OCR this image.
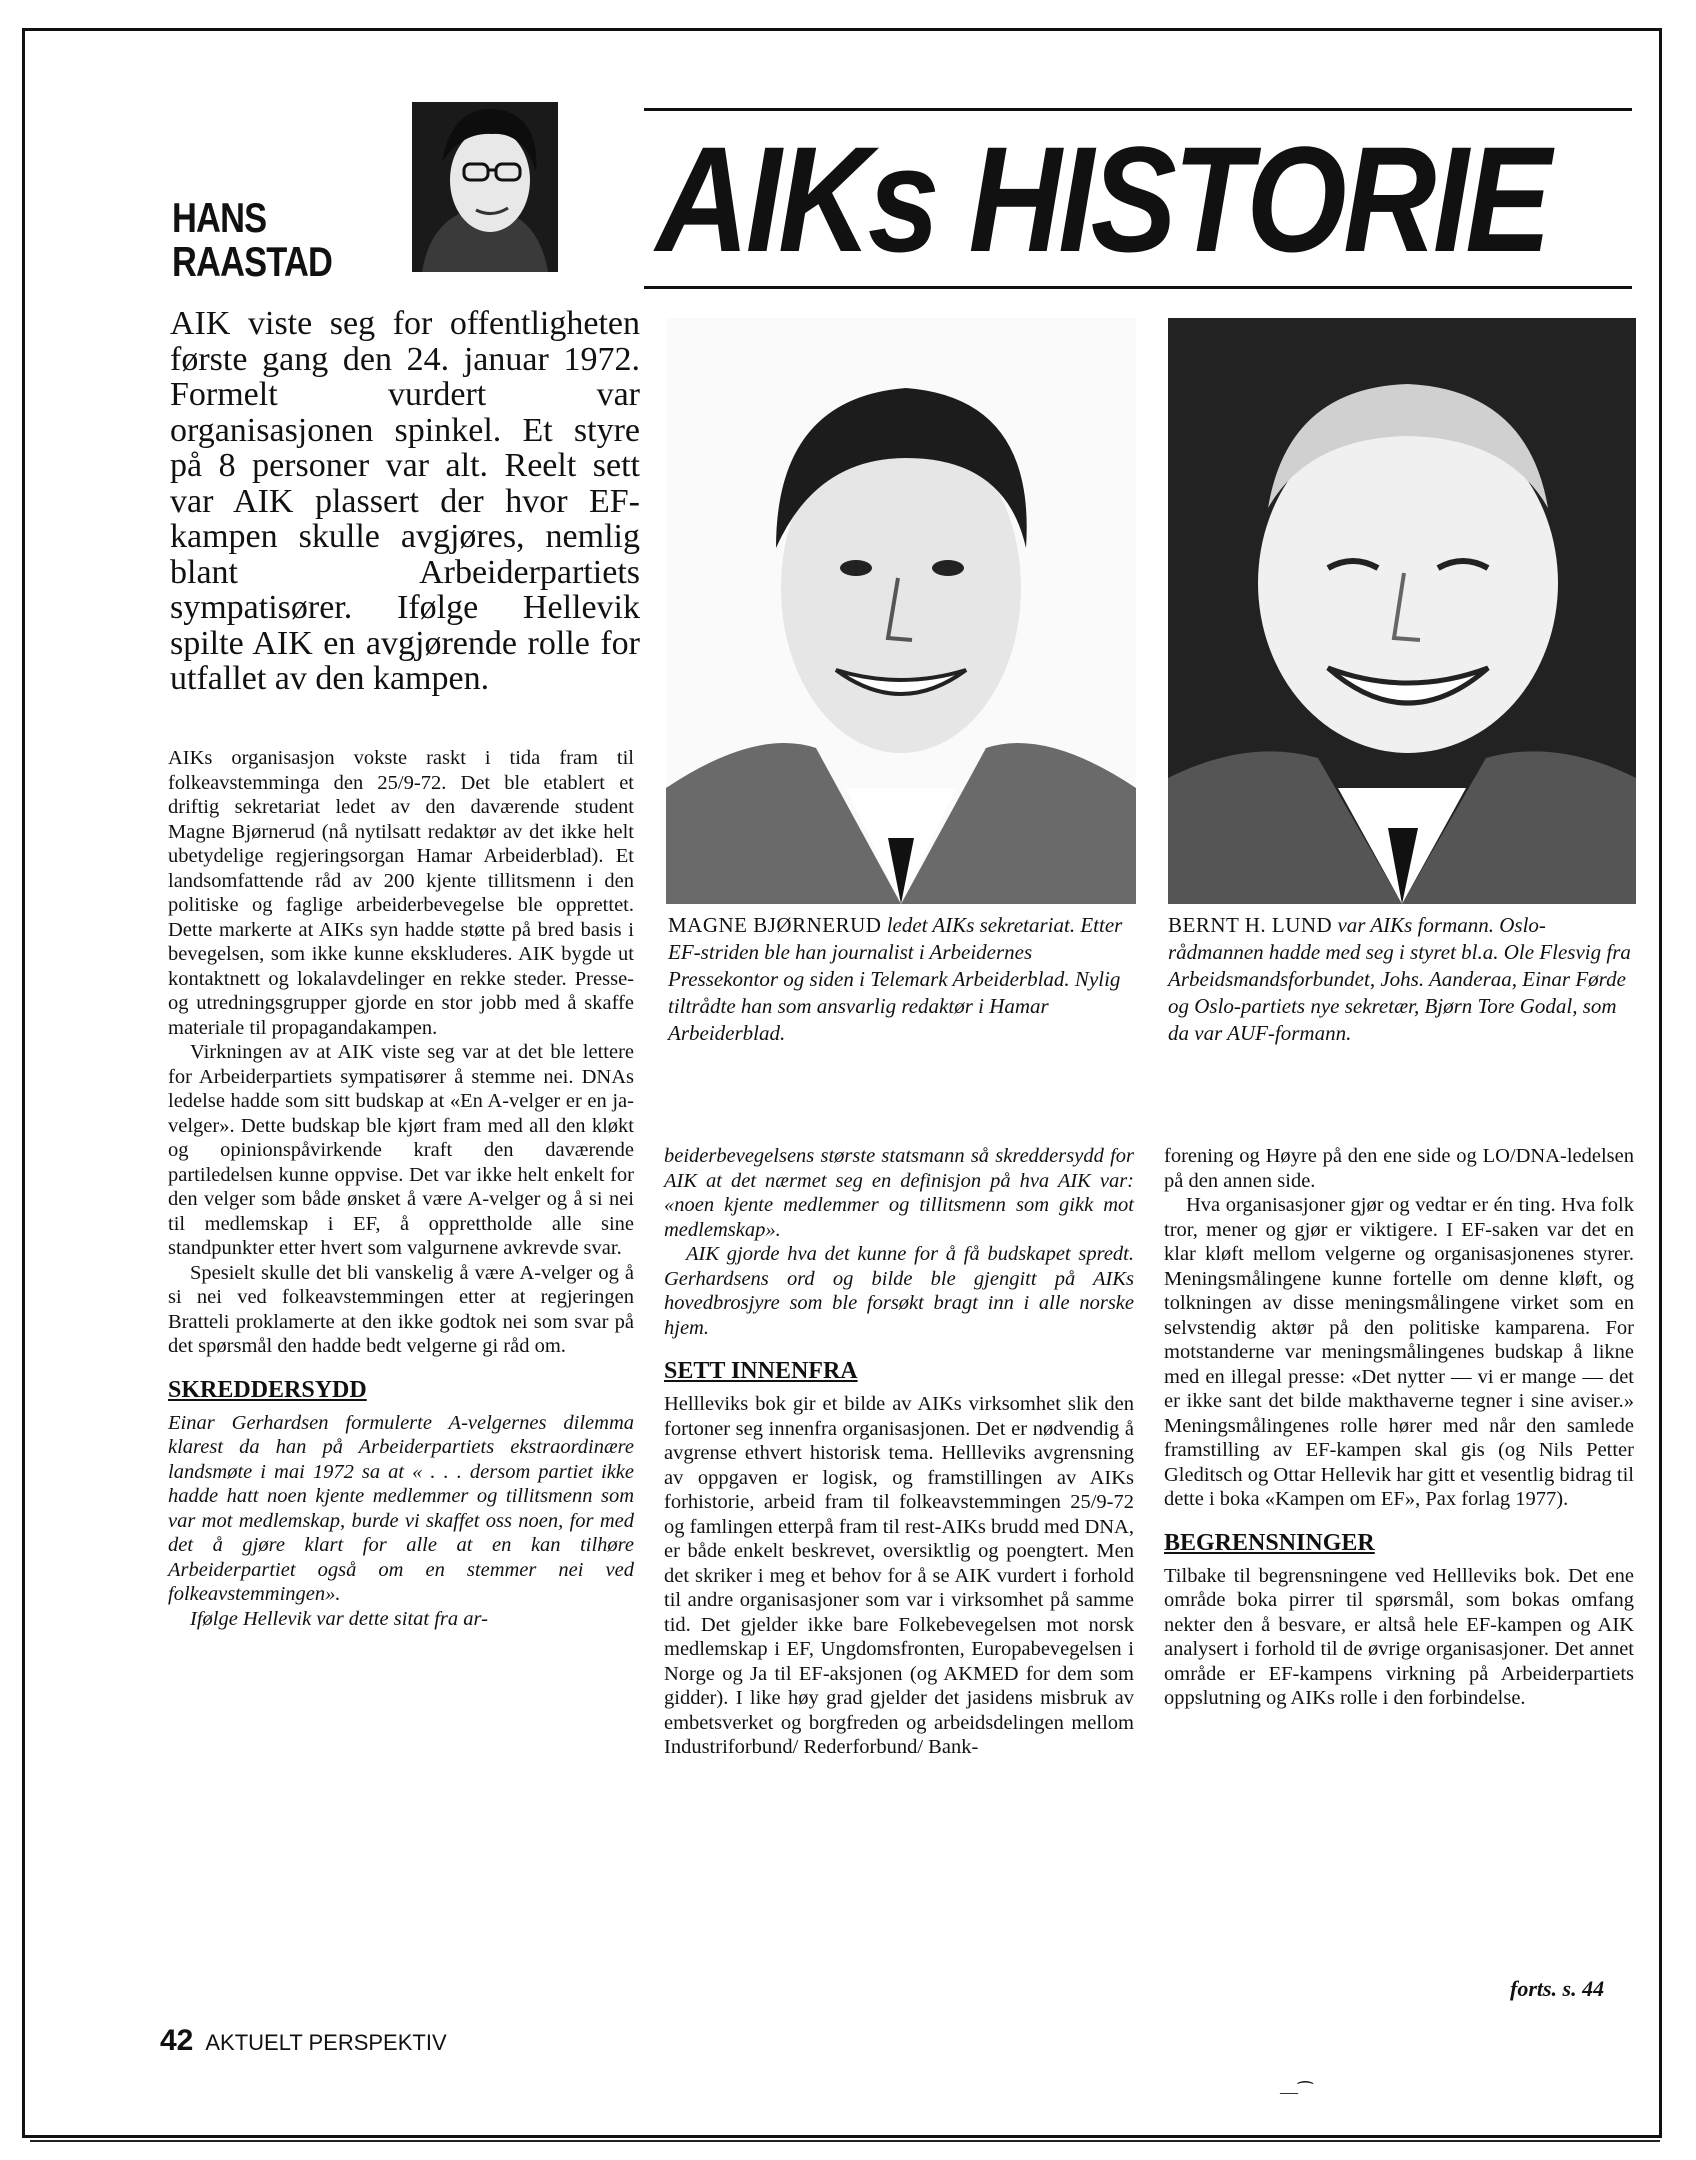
HANS
RAASTAD AIKs HISTORIE
AIK viste seg for offentligheten første gang den 24. januar 1972. Formelt vurdert var organisasjonen spinkel. Et styre på 8 personer var alt. Reelt sett var AIK plassert der hvor EF-kampen skulle avgjøres, nemlig blant Arbeiderpartiets sympatisører. Ifølge Hellevik spilte AIK en avgjørende rolle for utfallet av den kampen.

AIKs organisasjon vokste raskt i tida fram til folkeavstemminga den 25/9-72. Det ble etablert et driftig sekretariat ledet av den daværende student Magne Bjørnerud (nå nytilsatt redaktør av det ikke helt ubetydelige regjeringsorgan Hamar Arbeiderblad). Et landsomfattende råd av 200 kjente tillitsmenn i den politiske og faglige arbeiderbevegelse ble opprettet. Dette markerte at AIKs syn hadde støtte på bred basis i bevegelsen, som ikke kunne ekskluderes. AIK bygde ut kontaktnett og lokalavdelinger en rekke steder. Presse- og utredningsgrupper gjorde en stor jobb med å skaffe materiale til propagandakampen.

Virkningen av at AIK viste seg var at det ble lettere for Arbeiderpartiets sympatisører å stemme nei. DNAs ledelse hadde som sitt budskap at «En A-velger er en ja-velger». Dette budskap ble kjørt fram med all den kløkt og opinionspåvirkende kraft den daværende partiledelsen kunne oppvise. Det var ikke helt enkelt for den velger som både ønsket å være A-velger og å si nei til medlemskap i EF, å opprettholde alle sine standpunkter etter hvert som valgurnene avkrevde svar.

Spesielt skulle det bli vanskelig å være A-velger og å si nei ved folkeavstemmingen etter at regjeringen Bratteli proklamerte at den ikke godtok nei som svar på det spørsmål den hadde bedt velgerne gi råd om.

SKREDDERSYDD

Einar Gerhardsen formulerte A-velgernes dilemma klarest da han på Arbeiderpartiets ekstraordinære landsmøte i mai 1972 sa at « . . . dersom partiet ikke hadde hatt noen kjente medlemmer og tillitsmenn som var mot medlemskap, burde vi skaffet oss noen, for med det å gjøre klart for alle at en kan tilhøre Arbeiderpartiet også om en stemmer nei ved folkeavstemmingen».

Ifølge Hellevik var dette sitat fra ar-

MAGNE BJØRNERUD ledet AIKs sekretariat. Etter EF-striden ble han journalist i Arbeidernes Pressekontor og siden i Telemark Arbeiderblad. Nylig tiltrådte han som ansvarlig redaktør i Hamar Arbeiderblad.
BERNT H. LUND var AIKs formann. Oslo-rådmannen hadde med seg i styret bl.a. Ole Flesvig fra Arbeidsmandsforbundet, Johs. Aanderaa, Einar Førde og Oslo-partiets nye sekretær, Bjørn Tore Godal, som da var AUF-formann.

beiderbevegelsens største statsmann så skreddersydd for AIK at det nærmet seg en definisjon på hva AIK var: «noen kjente medlemmer og tillitsmenn som gikk mot medlemskap».

AIK gjorde hva det kunne for å få budskapet spredt. Gerhardsens ord og bilde ble gjengitt på AIKs hovedbrosjyre som ble forsøkt bragt inn i alle norske hjem.

SETT INNENFRA

Hellleviks bok gir et bilde av AIKs virksomhet slik den fortoner seg innenfra organisasjonen. Det er nødvendig å avgrense ethvert historisk tema. Hellleviks avgrensning av oppgaven er logisk, og framstillingen av AIKs forhistorie, arbeid fram til folkeavstemmingen 25/9-72 og famlingen etterpå fram til rest-AIKs brudd med DNA, er både enkelt beskrevet, oversiktlig og poengtert. Men det skriker i meg et behov for å se AIK vurdert i forhold til andre organisasjoner som var i virksomhet på samme tid. Det gjelder ikke bare Folkebevegelsen mot norsk medlemskap i EF, Ungdomsfronten, Europabevegelsen i Norge og Ja til EF-aksjonen (og AKMED for dem som gidder). I like høy grad gjelder det jasidens misbruk av embetsverket og borgfreden og arbeidsdelingen mellom Industriforbund/ Rederforbund/ Bank-

forening og Høyre på den ene side og LO/DNA-ledelsen på den annen side.

Hva organisasjoner gjør og vedtar er én ting. Hva folk tror, mener og gjør er viktigere. I EF-saken var det en klar kløft mellom velgerne og organisasjonenes styrer. Meningsmålingene kunne fortelle om denne kløft, og tolkningen av disse meningsmålingene virket som en selvstendig aktør på den politiske kamparena. For motstanderne var meningsmålingenes budskap å likne med en illegal presse: «Det nytter — vi er mange — det er ikke sant det bilde makthaverne tegner i sine aviser.» Meningsmålingenes rolle hører med når den samlede framstilling av EF-kampen skal gis (og Nils Petter Gleditsch og Ottar Hellevik har gitt et vesentlig bidrag til dette i boka «Kampen om EF», Pax forlag 1977).

BEGRENSNINGER

Tilbake til begrensningene ved Hellleviks bok. Det ene område boka pirrer til spørsmål, som bokas omfang nekter den å besvare, er altså hele EF-kampen og AIK analysert i forhold til de øvrige organisasjoner. Det annet område er EF-kampens virkning på Arbeiderpartiets oppslutning og AIKs rolle i den forbindelse.

forts. s. 44
42 AKTUELT PERSPEKTIV
—⁀
